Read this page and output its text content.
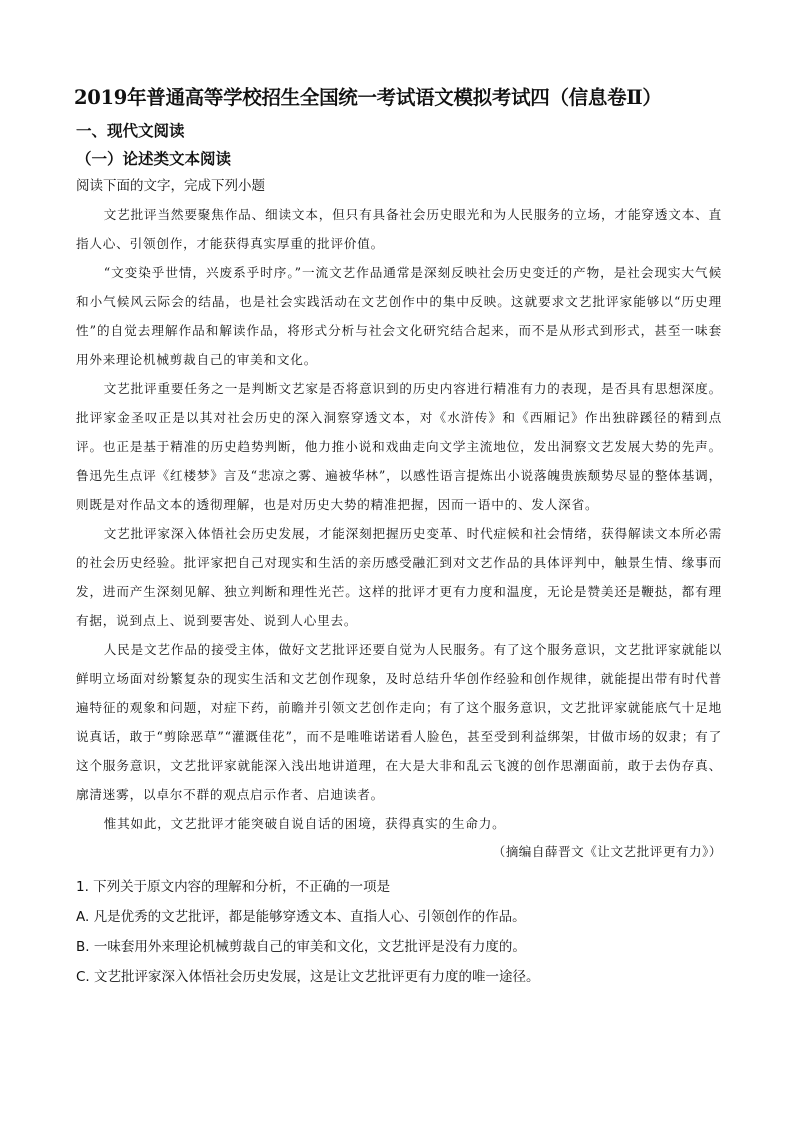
2019年普通高等学校招生全国统一考试语文模拟考试四（信息卷Ⅱ）
一、现代文阅读
（一）论述类文本阅读
阅读下面的文字，完成下列小题

文艺批评当然要聚焦作品、细读文本，但只有具备社会历史眼光和为人民服务的立场，才能穿透文本、直指人心、引领创作，才能获得真实厚重的批评价值。

“文变染乎世情，兴废系乎时序。”一流文艺作品通常是深刻反映社会历史变迁的产物，是社会现实大气候和小气候风云际会的结晶，也是社会实践活动在文艺创作中的集中反映。这就要求文艺批评家能够以“历史理性”的自觉去理解作品和解读作品，将形式分析与社会文化研究结合起来，而不是从形式到形式，甚至一味套用外来理论机械剪裁自己的审美和文化。

文艺批评重要任务之一是判断文艺家是否将意识到的历史内容进行精准有力的表现，是否具有思想深度。批评家金圣叹正是以其对社会历史的深入洞察穿透文本，对《水浒传》和《西厢记》作出独辟蹊径的精到点评。也正是基于精准的历史趋势判断，他力推小说和戏曲走向文学主流地位，发出洞察文艺发展大势的先声。鲁迅先生点评《红楼梦》言及“悲凉之雾、遍被华林”，以感性语言提炼出小说落魄贵族颓势尽显的整体基调，则既是对作品文本的透彻理解，也是对历史大势的精准把握，因而一语中的、发人深省。

文艺批评家深入体悟社会历史发展，才能深刻把握历史变革、时代症候和社会情绪，获得解读文本所必需的社会历史经验。批评家把自己对现实和生活的亲历感受融汇到对文艺作品的具体评判中，触景生情、缘事而发，进而产生深刻见解、独立判断和理性光芒。这样的批评才更有力度和温度，无论是赞美还是鞭挞，都有理有据，说到点上、说到要害处、说到人心里去。

人民是文艺作品的接受主体，做好文艺批评还要自觉为人民服务。有了这个服务意识，文艺批评家就能以鲜明立场面对纷繁复杂的现实生活和文艺创作现象，及时总结升华创作经验和创作规律，就能提出带有时代普遍特征的观象和问题，对症下药，前瞻并引领文艺创作走向；有了这个服务意识，文艺批评家就能底气十足地说真话，敢于“剪除恶草”“灌溉佳花”，而不是唯唯诺诺看人脸色，甚至受到利益绑架，甘做市场的奴隶；有了这个服务意识，文艺批评家就能深入浅出地讲道理，在大是大非和乱云飞渡的创作思潮面前，敢于去伪存真、廓清迷雾，以卓尔不群的观点启示作者、启迪读者。

惟其如此，文艺批评才能突破自说自话的困境，获得真实的生命力。

（摘编自薛晋文《让文艺批评更有力》）

1. 下列关于原文内容的理解和分析，不正确的一项是

A. 凡是优秀的文艺批评，都是能够穿透文本、直指人心、引领创作的作品。

B. 一味套用外来理论机械剪裁自己的审美和文化，文艺批评是没有力度的。

C. 文艺批评家深入体悟社会历史发展，这是让文艺批评更有力度的唯一途径。
